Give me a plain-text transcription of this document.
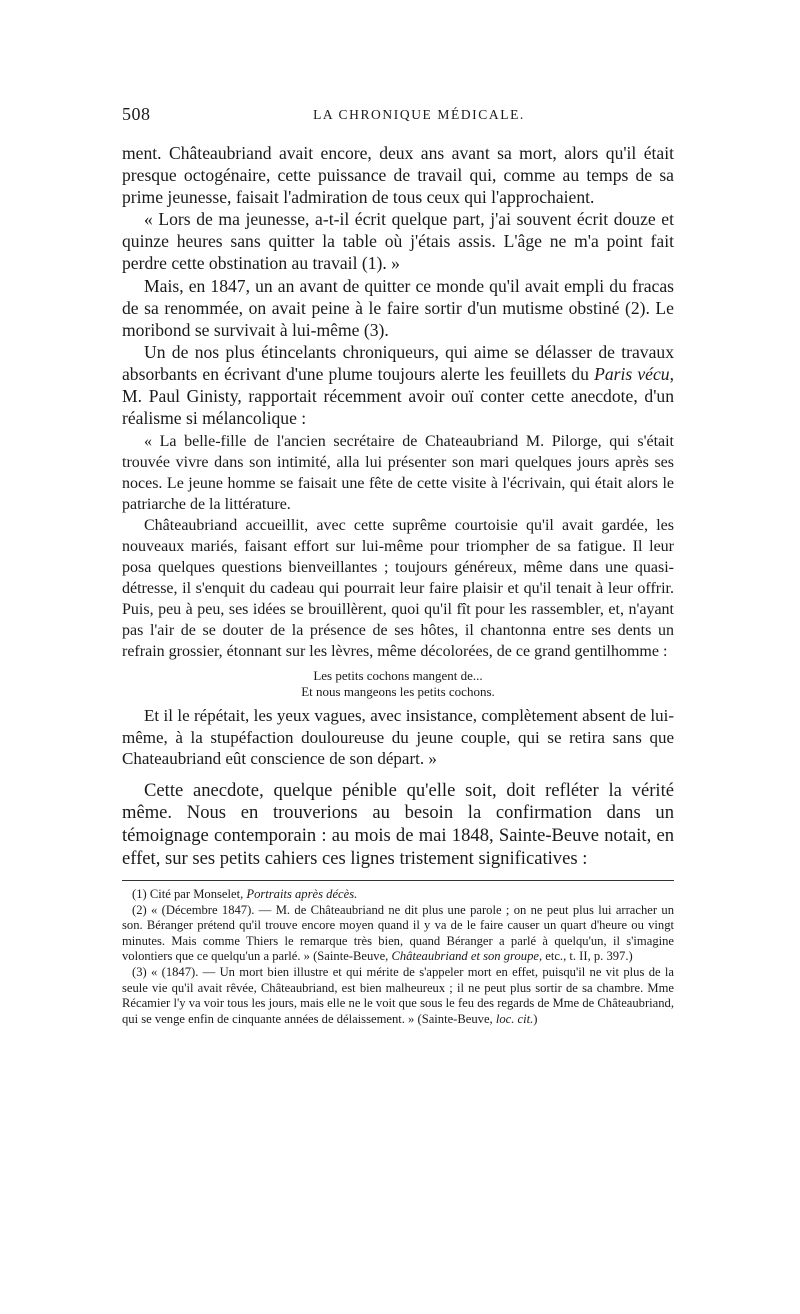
508	LA CHRONIQUE MÉDICALE.

ment. Châteaubriand avait encore, deux ans avant sa mort, alors qu'il était presque octogénaire, cette puissance de travail qui, comme au temps de sa prime jeunesse, faisait l'admiration de tous ceux qui l'approchaient.

« Lors de ma jeunesse, a-t-il écrit quelque part, j'ai souvent écrit douze et quinze heures sans quitter la table où j'étais assis. L'âge ne m'a point fait perdre cette obstination au travail (1). »

Mais, en 1847, un an avant de quitter ce monde qu'il avait empli du fracas de sa renommée, on avait peine à le faire sortir d'un mutisme obstiné (2). Le moribond se survivait à lui-même (3).

Un de nos plus étincelants chroniqueurs, qui aime se délasser de travaux absorbants en écrivant d'une plume toujours alerte les feuillets du Paris vécu, M. Paul Ginisty, rapportait récemment avoir ouï conter cette anecdote, d'un réalisme si mélancolique :

« La belle-fille de l'ancien secrétaire de Chateaubriand M. Pilorge, qui s'était trouvée vivre dans son intimité, alla lui présenter son mari quelques jours après ses noces. Le jeune homme se faisait une fête de cette visite à l'écrivain, qui était alors le patriarche de la littérature.

Châteaubriand accueillit, avec cette suprême courtoisie qu'il avait gardée, les nouveaux mariés, faisant effort sur lui-même pour triompher de sa fatigue. Il leur posa quelques questions bienveillantes ; toujours généreux, même dans une quasi-détresse, il s'enquit du cadeau qui pourrait leur faire plaisir et qu'il tenait à leur offrir. Puis, peu à peu, ses idées se brouillèrent, quoi qu'il fît pour les rassembler, et, n'ayant pas l'air de se douter de la présence de ses hôtes, il chantonna entre ses dents un refrain grossier, étonnant sur les lèvres, même décolorées, de ce grand gentilhomme :

Les petits cochons mangent de...
Et nous mangeons les petits cochons.

Et il le répétait, les yeux vagues, avec insistance, complètement absent de lui-même, à la stupéfaction douloureuse du jeune couple, qui se retira sans que Chateaubriand eût conscience de son départ. »

Cette anecdote, quelque pénible qu'elle soit, doit refléter la vérité même. Nous en trouverions au besoin la confirmation dans un témoignage contemporain : au mois de mai 1848, Sainte-Beuve notait, en effet, sur ses petits cahiers ces lignes tristement significatives :

(1) Cité par Monselet, Portraits après décès.

(2) « (Décembre 1847). — M. de Châteaubriand ne dit plus une parole ; on ne peut plus lui arracher un son. Béranger prétend qu'il trouve encore moyen quand il y va de le faire causer un quart d'heure ou vingt minutes. Mais comme Thiers le remarque très bien, quand Béranger a parlé à quelqu'un, il s'imagine volontiers que ce quelqu'un a parlé. » (Sainte-Beuve, Châteaubriand et son groupe, etc., t. II, p. 397.)

(3) « (1847). — Un mort bien illustre et qui mérite de s'appeler mort en effet, puisqu'il ne vit plus de la seule vie qu'il avait rêvée, Châteaubriand, est bien malheureux ; il ne peut plus sortir de sa chambre. Mme Récamier l'y va voir tous les jours, mais elle ne le voit que sous le feu des regards de Mme de Châteaubriand, qui se venge enfin de cinquante années de délaissement. » (Sainte-Beuve, loc. cit.)
